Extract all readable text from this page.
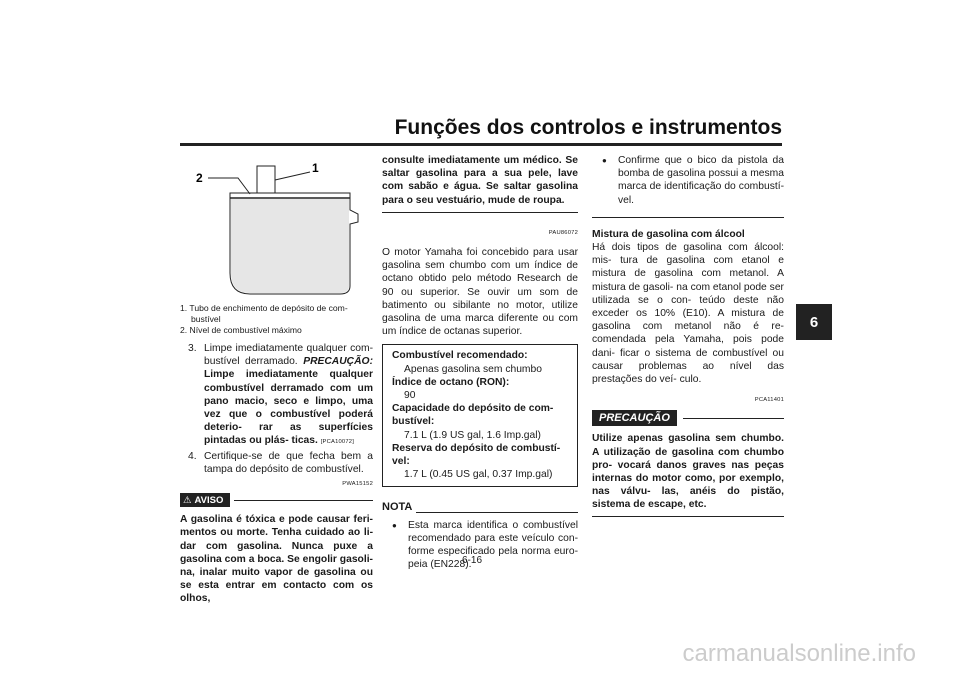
Funções dos controlos e instrumentos
6
1
2
1. Tubo de enchimento de depósito de com-
bustível
2. Nível de combustível máximo
3. Limpe imediatamente qualquer com- bustível derramado. PRECAUÇÃO: Limpe imediatamente qualquer combustível derramado com um pano macio, seco e limpo, uma vez que o combustível poderá deterio- rar as superfícies pintadas ou plás- ticas. [PCA10072]
4. Certifique-se de que fecha bem a tampa do depósito de combustível.
PWA15152
⚠ AVISO
A gasolina é tóxica e pode causar feri- mentos ou morte. Tenha cuidado ao li- dar com gasolina. Nunca puxe a gasolina com a boca. Se engolir gasoli- na, inalar muito vapor de gasolina ou se esta entrar em contacto com os olhos,
consulte imediatamente um médico. Se saltar gasolina para a sua pele, lave com sabão e água. Se saltar gasolina para o seu vestuário, mude de roupa.
PAU86072
O motor Yamaha foi concebido para usar gasolina sem chumbo com um índice de octano obtido pelo método Research de 90 ou superior. Se ouvir um som de batimento ou sibilante no motor, utilize gasolina de uma marca diferente ou com um índice de octanas superior.
Combustível recomendado:
Apenas gasolina sem chumbo
Índice de octano (RON):
90
Capacidade do depósito de com-
bustível:
7.1 L (1.9 US gal, 1.6 Imp.gal)
Reserva do depósito de combustí-
vel:
1.7 L (0.45 US gal, 0.37 Imp.gal)
NOTA
● Esta marca identifica o combustível recomendado para este veículo con- forme especificado pela norma euro- peia (EN228).
● Confirme que o bico da pistola da bomba de gasolina possui a mesma marca de identificação do combustí- vel.
Mistura de gasolina com álcool
Há dois tipos de gasolina com álcool: mis- tura de gasolina com etanol e mistura de gasolina com metanol. A mistura de gasoli- na com etanol pode ser utilizada se o con- teúdo deste não exceder os 10% (E10). A mistura de gasolina com metanol não é re- comendada pela Yamaha, pois pode dani- ficar o sistema de combustível ou causar problemas ao nível das prestações do veí- culo.
PCA11401
PRECAUÇÃO
Utilize apenas gasolina sem chumbo. A utilização de gasolina com chumbo pro- vocará danos graves nas peças internas do motor como, por exemplo, nas válvu- las, anéis do pistão, sistema de escape, etc.
6-16
carmanualsonline.info
